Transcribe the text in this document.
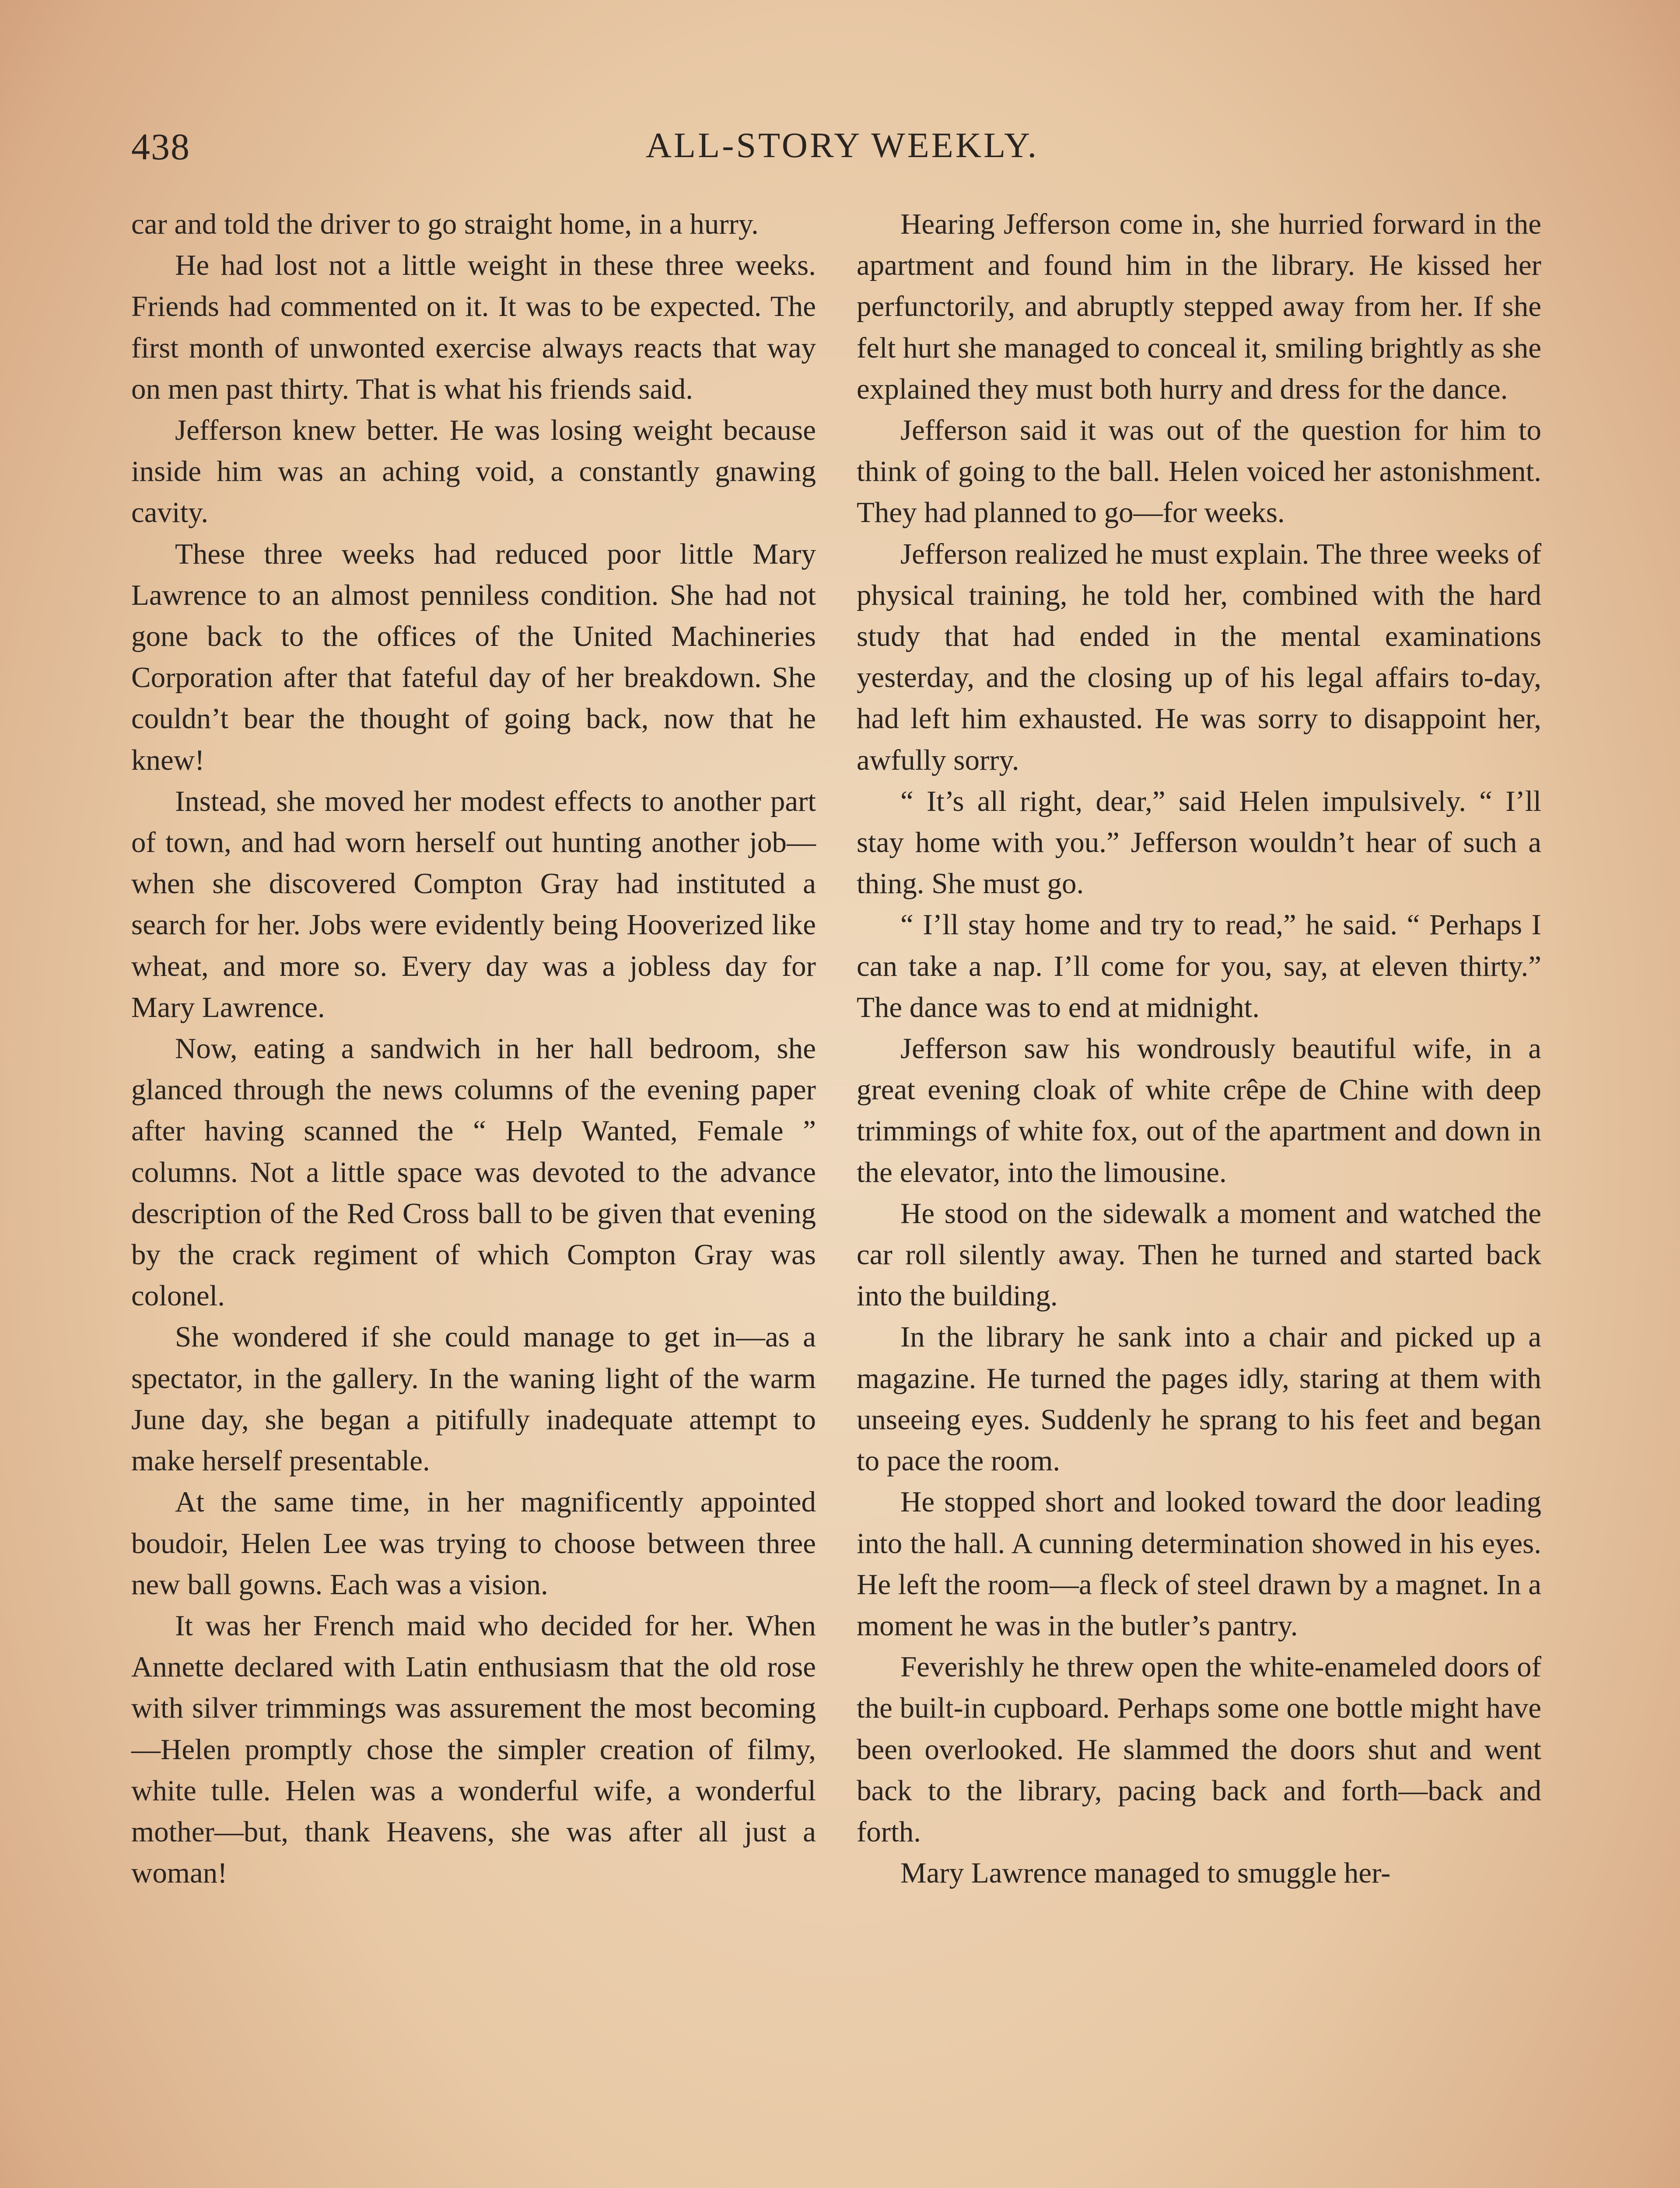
438	ALL-STORY WEEKLY.

car and told the driver to go straight home, in a hurry.

He had lost not a little weight in these three weeks. Friends had commented on it. It was to be expected. The first month of unwonted exercise always reacts that way on men past thirty. That is what his friends said.

Jefferson knew better. He was losing weight because inside him was an aching void, a constantly gnawing cavity.

These three weeks had reduced poor little Mary Lawrence to an almost penniless condition. She had not gone back to the offices of the United Machineries Corporation after that fateful day of her breakdown. She couldn’t bear the thought of going back, now that he knew!

Instead, she moved her modest effects to another part of town, and had worn herself out hunting another job—when she discovered Compton Gray had instituted a search for her. Jobs were evidently being Hooverized like wheat, and more so. Every day was a jobless day for Mary Lawrence.

Now, eating a sandwich in her hall bedroom, she glanced through the news columns of the evening paper after having scanned the “ Help Wanted, Female ” columns. Not a little space was devoted to the advance description of the Red Cross ball to be given that evening by the crack regiment of which Compton Gray was colonel.

She wondered if she could manage to get in—as a spectator, in the gallery. In the waning light of the warm June day, she began a pitifully inadequate attempt to make herself presentable.

At the same time, in her magnificently appointed boudoir, Helen Lee was trying to choose between three new ball gowns. Each was a vision.

It was her French maid who decided for her. When Annette declared with Latin enthusiasm that the old rose with silver trimmings was assurement the most becoming—Helen promptly chose the simpler creation of filmy, white tulle. Helen was a wonderful wife, a wonderful mother—but, thank Heavens, she was after all just a woman!

Hearing Jefferson come in, she hurried forward in the apartment and found him in the library. He kissed her perfunctorily, and abruptly stepped away from her. If she felt hurt she managed to conceal it, smiling brightly as she explained they must both hurry and dress for the dance.

Jefferson said it was out of the question for him to think of going to the ball. Helen voiced her astonishment. They had planned to go—for weeks.

Jefferson realized he must explain. The three weeks of physical training, he told her, combined with the hard study that had ended in the mental examinations yesterday, and the closing up of his legal affairs to-day, had left him exhausted. He was sorry to disappoint her, awfully sorry.

“ It’s all right, dear,” said Helen impulsively. “ I’ll stay home with you.” Jefferson wouldn’t hear of such a thing. She must go.

“ I’ll stay home and try to read,” he said. “ Perhaps I can take a nap. I’ll come for you, say, at eleven thirty.” The dance was to end at midnight.

Jefferson saw his wondrously beautiful wife, in a great evening cloak of white crêpe de Chine with deep trimmings of white fox, out of the apartment and down in the elevator, into the limousine.

He stood on the sidewalk a moment and watched the car roll silently away. Then he turned and started back into the building.

In the library he sank into a chair and picked up a magazine. He turned the pages idly, staring at them with unseeing eyes. Suddenly he sprang to his feet and began to pace the room.

He stopped short and looked toward the door leading into the hall. A cunning determination showed in his eyes. He left the room—a fleck of steel drawn by a magnet. In a moment he was in the butler’s pantry.

Feverishly he threw open the white-enameled doors of the built-in cupboard. Perhaps some one bottle might have been overlooked. He slammed the doors shut and went back to the library, pacing back and forth—back and forth.

Mary Lawrence managed to smuggle her-
